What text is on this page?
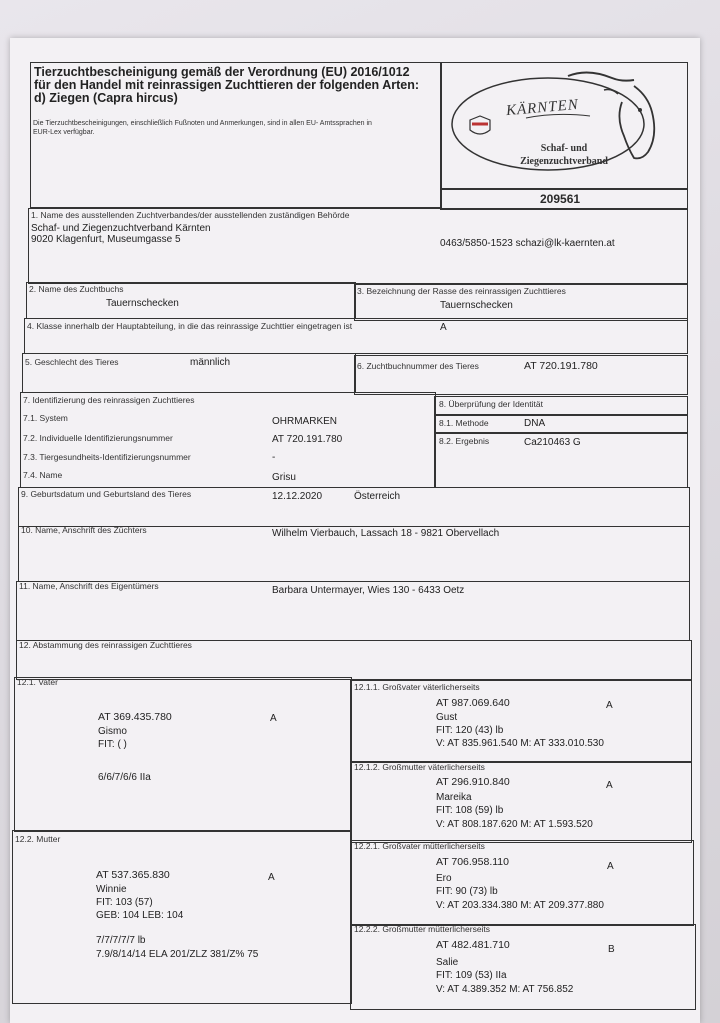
Tierzuchtbescheinigung gemäß der Verordnung (EU) 2016/1012
für den Handel mit reinrassigen Zuchttieren der folgenden Arten:
d) Ziegen (Capra hircus)
Die Tierzuchtbescheinigungen, einschließlich Fußnoten und Anmerkungen, sind in allen EU- Amtssprachen in
EUR-Lex verfügbar.
KÄRNTEN
Schaf- und
Ziegenzuchtverband
209561
1. Name des ausstellenden Zuchtverbandes/der ausstellenden zuständigen Behörde
Schaf- und Ziegenzuchtverband Kärnten
9020 Klagenfurt, Museumgasse 5	0463/5850-1523 schazi@lk-kaernten.at
2. Name des Zuchtbuchs
Tauernschecken
3. Bezeichnung der Rasse des reinrassigen Zuchttieres
Tauernschecken
4. Klasse innerhalb der Hauptabteilung, in die das reinrassige Zuchttier eingetragen ist	A
5. Geschlecht des Tieres	männlich	6. Zuchtbuchnummer des Tieres	AT 720.191.780
7. Identifizierung des reinrassigen Zuchttieres
7.1. System	OHRMARKEN
7.2. Individuelle Identifizierungsnummer	AT 720.191.780
7.3. Tiergesundheits-Identifizierungsnummer	-
7.4. Name	Grisu
8. Überprüfung der Identität
8.1. Methode	DNA
8.2. Ergebnis	Ca210463 G
9. Geburtsdatum und Geburtsland des Tieres	12.12.2020	Österreich
10. Name, Anschrift des Züchters	Wilhelm Vierbauch, Lassach 18 - 9821 Obervellach
11. Name, Anschrift des Eigentümers	Barbara Untermayer, Wies 130 - 6433 Oetz
12. Abstammung des reinrassigen Zuchttieres
12.1. Vater
AT 369.435.780	A
Gismo
FIT: ( )
6/6/7/6/6 IIa
12.1.1. Großvater väterlicherseits
AT 987.069.640	A
Gust
FIT: 120 (43) lb
V: AT 835.961.540 M: AT 333.010.530
12.1.2. Großmutter väterlicherseits
AT 296.910.840	A
Mareika
FIT: 108 (59) lb
V: AT 808.187.620 M: AT 1.593.520
12.2. Mutter
AT 537.365.830	A
Winnie
FIT: 103 (57)
GEB: 104 LEB: 104
7/7/7/7/7 lb
7.9/8/14/14 ELA 201/ZLZ 381/Z% 75
12.2.1. Großvater mütterlicherseits
AT 706.958.110	A
Ero
FIT: 90 (73) lb
V: AT 203.334.380 M: AT 209.377.880
12.2.2. Großmutter mütterlicherseits
AT 482.481.710	B
Salie
FIT: 109 (53) IIa
V: AT 4.389.352 M: AT 756.852
